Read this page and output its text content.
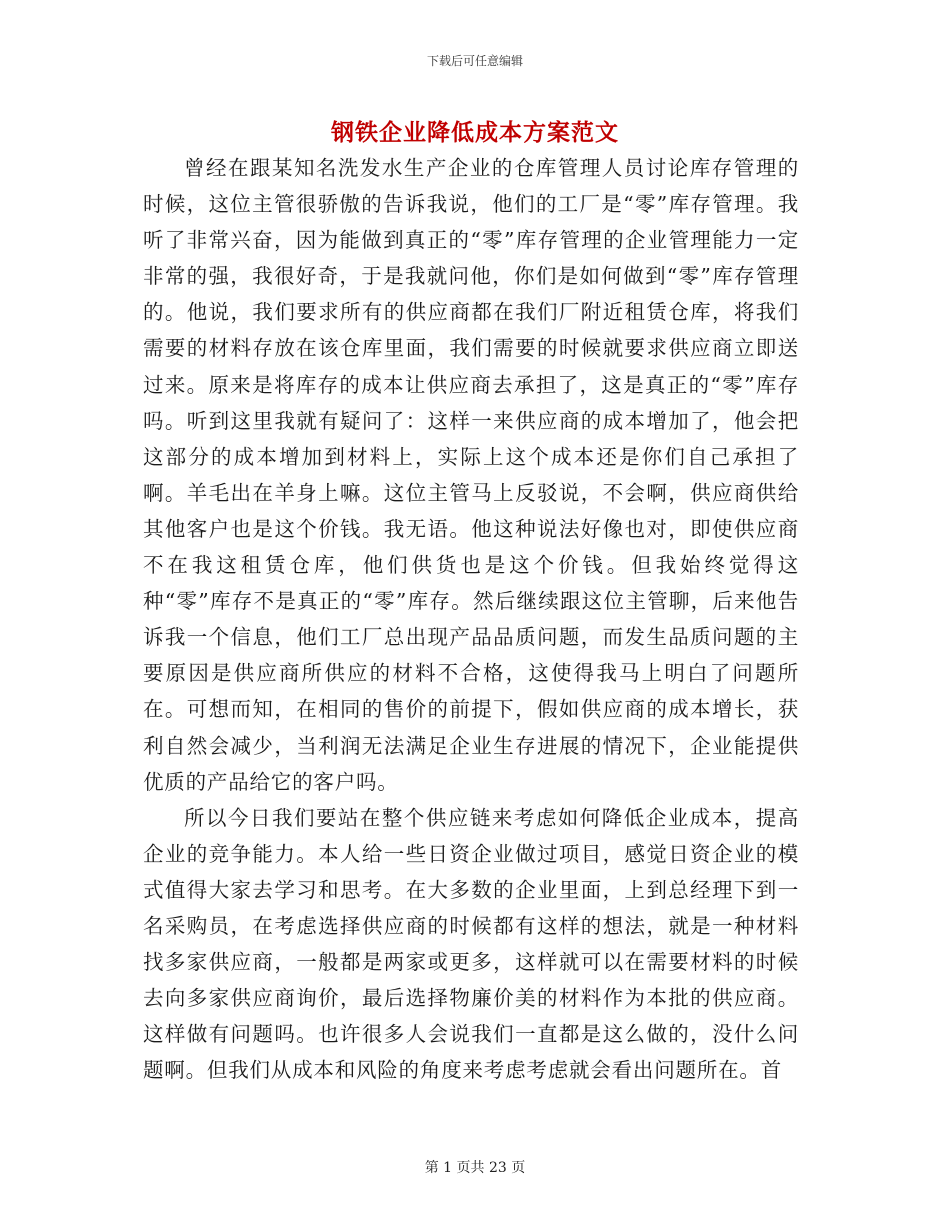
下载后可任意编辑
钢铁企业降低成本方案范文

曾经在跟某知名洗发水生产企业的仓库管理人员讨论库存管理的时候，这位主管很骄傲的告诉我说，他们的工厂是“零”库存管理。我听了非常兴奋，因为能做到真正的“零”库存管理的企业管理能力一定非常的强，我很好奇，于是我就问他，你们是如何做到“零”库存管理的。他说，我们要求所有的供应商都在我们厂附近租赁仓库，将我们需要的材料存放在该仓库里面，我们需要的时候就要求供应商立即送过来。原来是将库存的成本让供应商去承担了，这是真正的“零”库存吗。听到这里我就有疑问了：这样一来供应商的成本增加了，他会把这部分的成本增加到材料上，实际上这个成本还是你们自己承担了啊。羊毛出在羊身上嘛。这位主管马上反驳说，不会啊，供应商供给其他客户也是这个价钱。我无语。他这种说法好像也对，即使供应商不在我这租赁仓库，他们供货也是这个价钱。但我始终觉得这种“零”库存不是真正的“零”库存。然后继续跟这位主管聊，后来他告诉我一个信息，他们工厂总出现产品品质问题，而发生品质问题的主要原因是供应商所供应的材料不合格，这使得我马上明白了问题所在。可想而知，在相同的售价的前提下，假如供应商的成本增长，获利自然会减少，当利润无法满足企业生存进展的情况下，企业能提供优质的产品给它的客户吗。

所以今日我们要站在整个供应链来考虑如何降低企业成本，提高企业的竞争能力。本人给一些日资企业做过项目，感觉日资企业的模式值得大家去学习和思考。在大多数的企业里面，上到总经理下到一名采购员，在考虑选择供应商的时候都有这样的想法，就是一种材料找多家供应商，一般都是两家或更多，这样就可以在需要材料的时候去向多家供应商询价，最后选择物廉价美的材料作为本批的供应商。这样做有问题吗。也许很多人会说我们一直都是这么做的，没什么问题啊。但我们从成本和风险的角度来考虑考虑就会看出问题所在。首

第 1 页共 23 页
